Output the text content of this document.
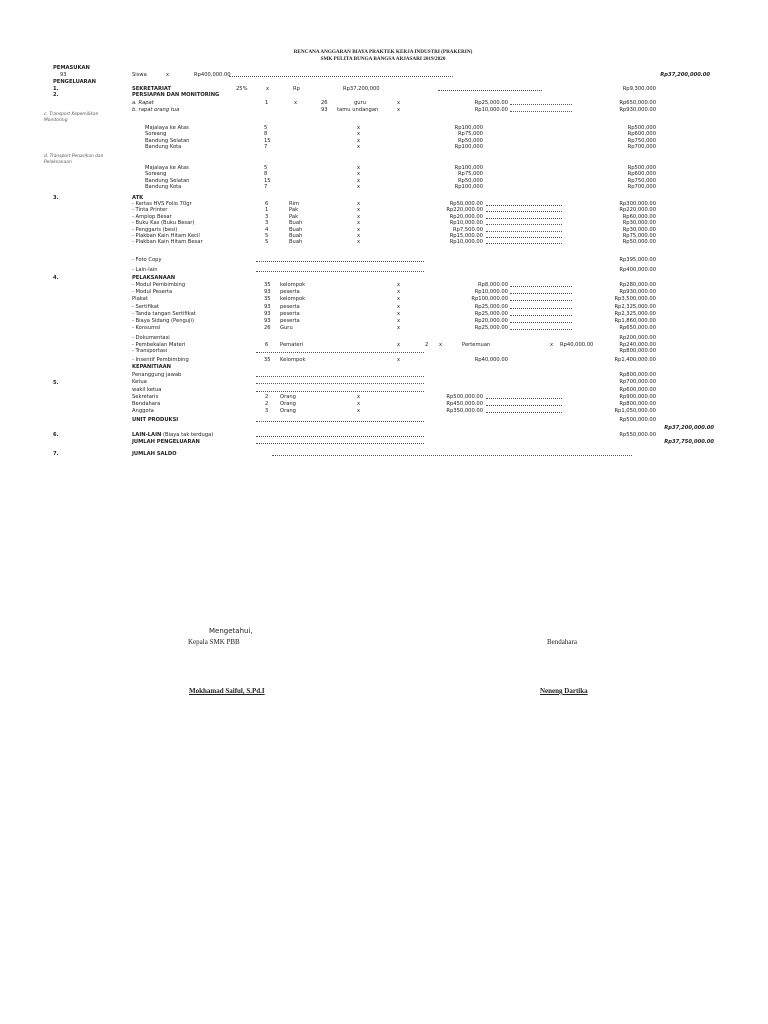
RENCANA ANGGARAN BIAYA PRAKTEK KERJA INDUSTRI (PRAKERIN)
SMK PELITA BUNGA BANGSA ARJASARI 2019/2020
PEMASUKAN
93	Siswa	x	Rp400,000.00	Rp37,200,000.00
PENGELUARAN
1.	SEKRETARIAT	25%	x	Rp	Rp37,200,000	Rp9,300,000
2.	PERSIAPAN DAN MONITORING
a. Rapat	1	x	26	guru	x	Rp25,000.00	Rp650,000.00
b. rapat orang tua	93 tamu undangan	x	Rp10,000.00	Rp930,000.00
c. Transport Kepemilikan
Monitoring
Majalaya ke Atas	5	x	Rp100,000	Rp500,000
Soreang	8	x	Rp75,000	Rp600,000
Bandung Selatan	15	x	Rp50,000	Rp750,000
Bandung Kota	7	x	Rp100,000	Rp700,000
d. Transport Penarikan dan
Pelaksanaan
Majalaya ke Atas	5	x	Rp100,000	Rp500,000
Soreang	8	x	Rp75,000	Rp600,000
Bandung Selatan	15	x	Rp50,000	Rp750,000
Bandung Kota	7	x	Rp100,000	Rp700,000
3.	ATK
- Kertas HVS Folio 70gr	6	Rim	x	Rp50,000.00	Rp300,000.00
- Tinta Printer	1	Pak	x	Rp220,000.00	Rp220,000.00
- Amplop Besar	3	Pak	x	Rp20,000.00	Rp60,000.00
- Buku Kas (Buku Besar)	3	Buah	x	Rp10,000.00	Rp30,000.00
- Penggaris (besi)	4	Buah	x	Rp7,500.00	Rp30,000.00
- Plakban Kain Hitam Kecil	5	Buah	x	Rp15,000.00	Rp75,000.00
- Plakban Kain Hitam Besar	5	Buah	x	Rp10,000.00	Rp50,000.00
- Foto Copy	Rp395,000.00
- Lain-lain	Rp400,000.00
4.	PELAKSANAAN
- Modul Pembimbing	35 kelompok	x	Rp8,000.00	Rp280,000.00
- Modul Peserta	93 peserta	x	Rp10,000.00	Rp930,000.00
Plakat	35 kelompok	x	Rp100,000.00	Rp3,500,000.00
- Sertifikat	93 peserta	x	Rp25,000.00	Rp2,325,000.00
- Tanda tangan Sertifikat	93 peserta	x	Rp25,000.00	Rp2,325,000.00
- Biaya Sidang (Penguji)	93 peserta	x	Rp20,000.00	Rp1,860,000.00
- Konsumsi	26 Guru	x	Rp25,000.00	Rp650,000.00
- Dokumentasi	Rp200,000.00
- Pembekalan Materi	6 Pemateri	x	2 x	Pertemuan	x Rp40,000.00	Rp240,000.00
- Transportasi	Rp800,000.00
- Insentif Pembimbing	35 Kelompok	x	Rp40,000.00	Rp1,400,000.00
KEPANITIAAN
5.
Penanggung jawab	Rp800,000.00
Ketua	Rp700,000.00
wakil ketua	Rp600,000.00
Sekretaris	2 Orang	x	Rp500,000.00	Rp900,000.00
Bendahara	2 Orang	x	Rp450,000.00	Rp800,000.00
Anggota	3 Orang	x	Rp350,000.00	Rp1,050,000.00
UNIT PRODUKSI	Rp500,000.00
Rp37,200,000.00
6.	LAIN-LAIN (Biaya tak terduga)	Rp550,000.00
JUMLAH PENGELUARAN	Rp37,750,000.00
7.	JUMLAH SALDO
Mengetahui,
Kepala SMK PBB	Bendahara
Mokhamad Saiful, S.Pd.I	Neneng Dartika
